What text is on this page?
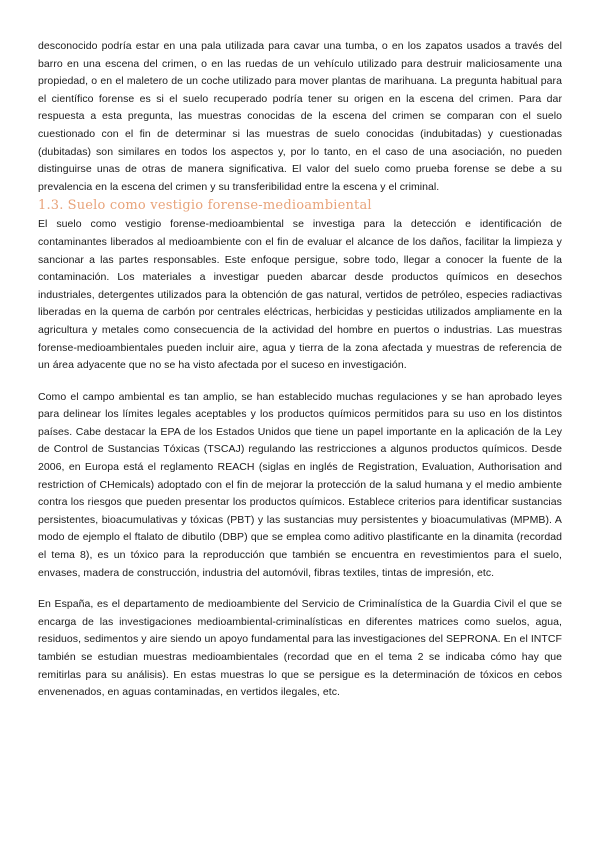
desconocido podría estar en una pala utilizada para cavar una tumba, o en los zapatos usados a través del barro en una escena del crimen, o en las ruedas de un vehículo utilizado para destruir maliciosamente una propiedad, o en el maletero de un coche utilizado para mover plantas de marihuana. La pregunta habitual para el científico forense es si el suelo recuperado podría tener su origen en la escena del crimen. Para dar respuesta a esta pregunta, las muestras conocidas de la escena del crimen se comparan con el suelo cuestionado con el fin de determinar si las muestras de suelo conocidas (indubitadas) y cuestionadas (dubitadas) son similares en todos los aspectos y, por lo tanto, en el caso de una asociación, no pueden distinguirse unas de otras de manera significativa. El valor del suelo como prueba forense se debe a su prevalencia en la escena del crimen y su transferibilidad entre la escena y el criminal.

1.3. Suelo como vestigio forense-medioambiental

El suelo como vestigio forense-medioambiental se investiga para la detección e identificación de contaminantes liberados al medioambiente con el fin de evaluar el alcance de los daños, facilitar la limpieza y sancionar a las partes responsables. Este enfoque persigue, sobre todo, llegar a conocer la fuente de la contaminación. Los materiales a investigar pueden abarcar desde productos químicos en desechos industriales, detergentes utilizados para la obtención de gas natural, vertidos de petróleo, especies radiactivas liberadas en la quema de carbón por centrales eléctricas, herbicidas y pesticidas utilizados ampliamente en la agricultura y metales como consecuencia de la actividad del hombre en puertos o industrias. Las muestras forense-medioambientales pueden incluir aire, agua y tierra de la zona afectada y muestras de referencia de un área adyacente que no se ha visto afectada por el suceso en investigación.

Como el campo ambiental es tan amplio, se han establecido muchas regulaciones y se han aprobado leyes para delinear los límites legales aceptables y los productos químicos permitidos para su uso en los distintos países. Cabe destacar la EPA de los Estados Unidos que tiene un papel importante en la aplicación de la Ley de Control de Sustancias Tóxicas (TSCAJ) regulando las restricciones a algunos productos químicos. Desde 2006, en Europa está el reglamento REACH (siglas en inglés de Registration, Evaluation, Authorisation and restriction of CHemicals) adoptado con el fin de mejorar la protección de la salud humana y el medio ambiente contra los riesgos que pueden presentar los productos químicos. Establece criterios para identificar sustancias persistentes, bioacumulativas y tóxicas (PBT) y las sustancias muy persistentes y bioacumulativas (MPMB). A modo de ejemplo el ftalato de dibutilo (DBP) que se emplea como aditivo plastificante en la dinamita (recordad el tema 8), es un tóxico para la reproducción que también se encuentra en revestimientos para el suelo, envases, madera de construcción, industria del automóvil, fibras textiles, tintas de impresión, etc.

En España, es el departamento de medioambiente del Servicio de Criminalística de la Guardia Civil el que se encarga de las investigaciones medioambiental-criminalísticas en diferentes matrices como suelos, agua, residuos, sedimentos y aire siendo un apoyo fundamental para las investigaciones del SEPRONA. En el INTCF también se estudian muestras medioambientales (recordad que en el tema 2 se indicaba cómo hay que remitirlas para su análisis). En estas muestras lo que se persigue es la determinación de tóxicos en cebos envenenados, en aguas contaminadas, en vertidos ilegales, etc.
